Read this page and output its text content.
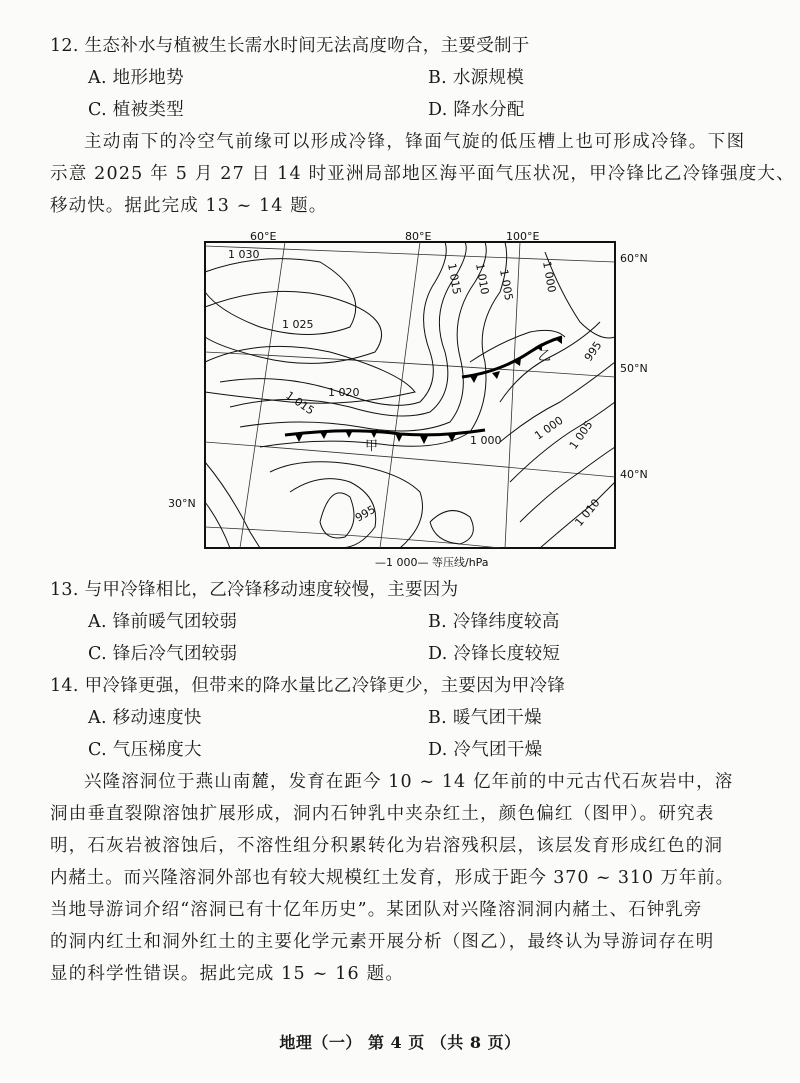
12. 生态补水与植被生长需水时间无法高度吻合，主要受制于
A. 地形地势	B. 水源规模
C. 植被类型	D. 降水分配
主动南下的冷空气前缘可以形成冷锋，锋面气旋的低压槽上也可形成冷锋。下图
示意 2025 年 5 月 27 日 14 时亚洲局部地区海平面气压状况，甲冷锋比乙冷锋强度大、
移动快。据此完成 13 ~ 14 题。
60°E	80°E	100°E
60°N
50°N
40°N
30°N
1 030
1 025
1 020
1 015
1 015 1 010 1 005 1 000
995
1 000	1 000 1 005
1 010
995
甲
乙
—1 000— 等压线/hPa
13. 与甲冷锋相比，乙冷锋移动速度较慢，主要因为
A. 锋前暖气团较弱	B. 冷锋纬度较高
C. 锋后冷气团较弱	D. 冷锋长度较短
14. 甲冷锋更强，但带来的降水量比乙冷锋更少，主要因为甲冷锋
A. 移动速度快	B. 暖气团干燥
C. 气压梯度大	D. 冷气团干燥
兴隆溶洞位于燕山南麓，发育在距今 10 ~ 14 亿年前的中元古代石灰岩中，溶
洞由垂直裂隙溶蚀扩展形成，洞内石钟乳中夹杂红土，颜色偏红（图甲）。研究表
明，石灰岩被溶蚀后，不溶性组分积累转化为岩溶残积层，该层发育形成红色的洞
内赭土。而兴隆溶洞外部也有较大规模红土发育，形成于距今 370 ~ 310 万年前。
当地导游词介绍“溶洞已有十亿年历史”。某团队对兴隆溶洞洞内赭土、石钟乳旁
的洞内红土和洞外红土的主要化学元素开展分析（图乙），最终认为导游词存在明
显的科学性错误。据此完成 15 ~ 16 题。
地理（一） 第 4 页 （共 8 页）
